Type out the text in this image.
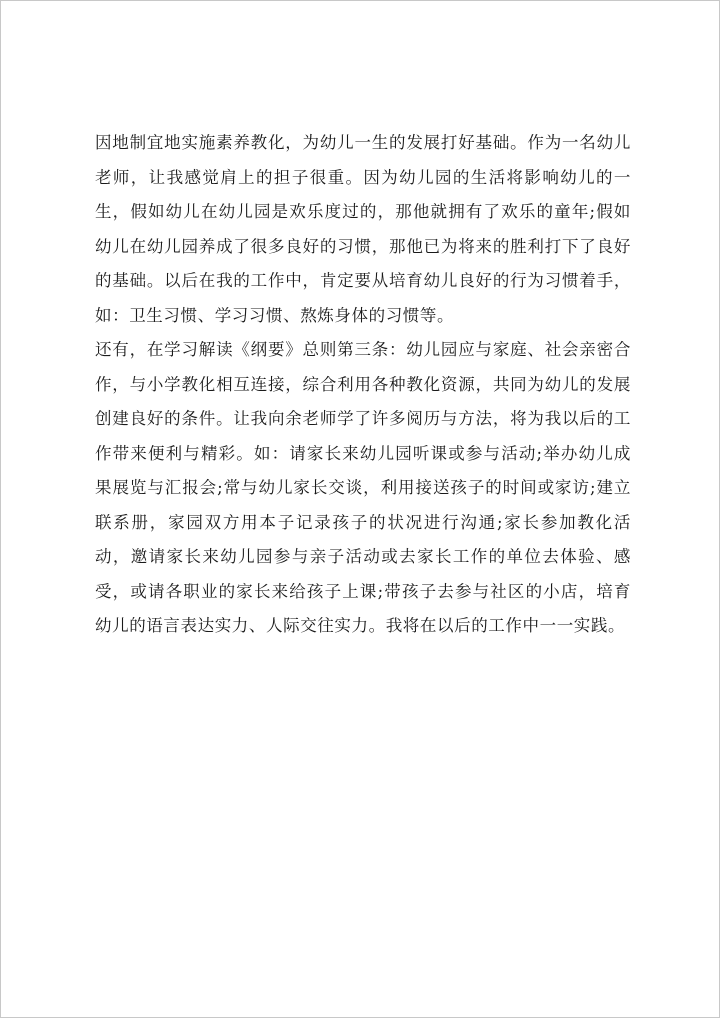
因地制宜地实施素养教化，为幼儿一生的发展打好基础。作为一名幼儿老师，让我感觉肩上的担子很重。因为幼儿园的生活将影响幼儿的一生，假如幼儿在幼儿园是欢乐度过的，那他就拥有了欢乐的童年;假如幼儿在幼儿园养成了很多良好的习惯，那他已为将来的胜利打下了良好的基础。以后在我的工作中，肯定要从培育幼儿良好的行为习惯着手，如：卫生习惯、学习习惯、熬炼身体的习惯等。

还有，在学习解读《纲要》总则第三条：幼儿园应与家庭、社会亲密合作，与小学教化相互连接，综合利用各种教化资源，共同为幼儿的发展创建良好的条件。让我向余老师学了许多阅历与方法，将为我以后的工作带来便利与精彩。如：请家长来幼儿园听课或参与活动;举办幼儿成果展览与汇报会;常与幼儿家长交谈，利用接送孩子的时间或家访;建立联系册，家园双方用本子记录孩子的状况进行沟通;家长参加教化活动，邀请家长来幼儿园参与亲子活动或去家长工作的单位去体验、感受，或请各职业的家长来给孩子上课;带孩子去参与社区的小店，培育幼儿的语言表达实力、人际交往实力。我将在以后的工作中一一实践。
